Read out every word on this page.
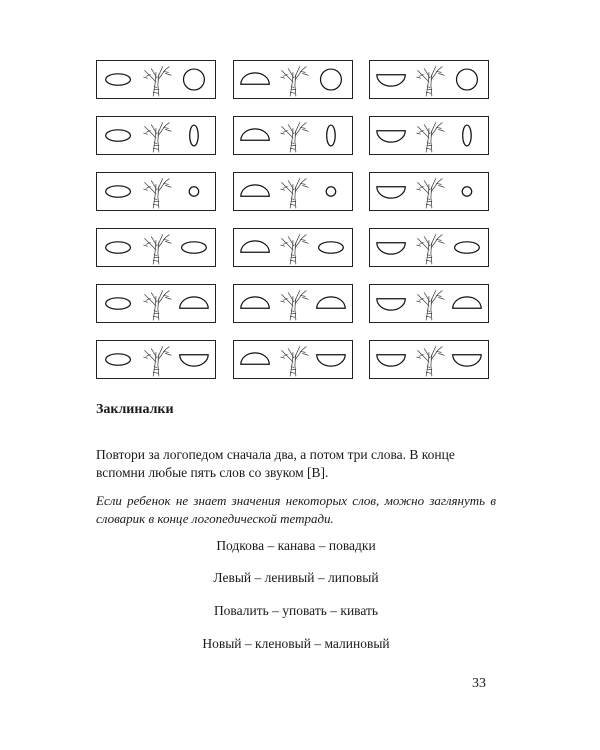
Заклиналки
Повтори за логопедом сначала два, а потом три слова. В конце вспомни любые пять слов со звуком [В].
Если ребенок не знает значения некоторых слов, можно заглянуть в словарик в конце логопедической тетради.
Подкова – канава – повадки
Левый – ленивый – липовый
Повалить – уповать – кивать
Новый – кленовый – малиновый
33
